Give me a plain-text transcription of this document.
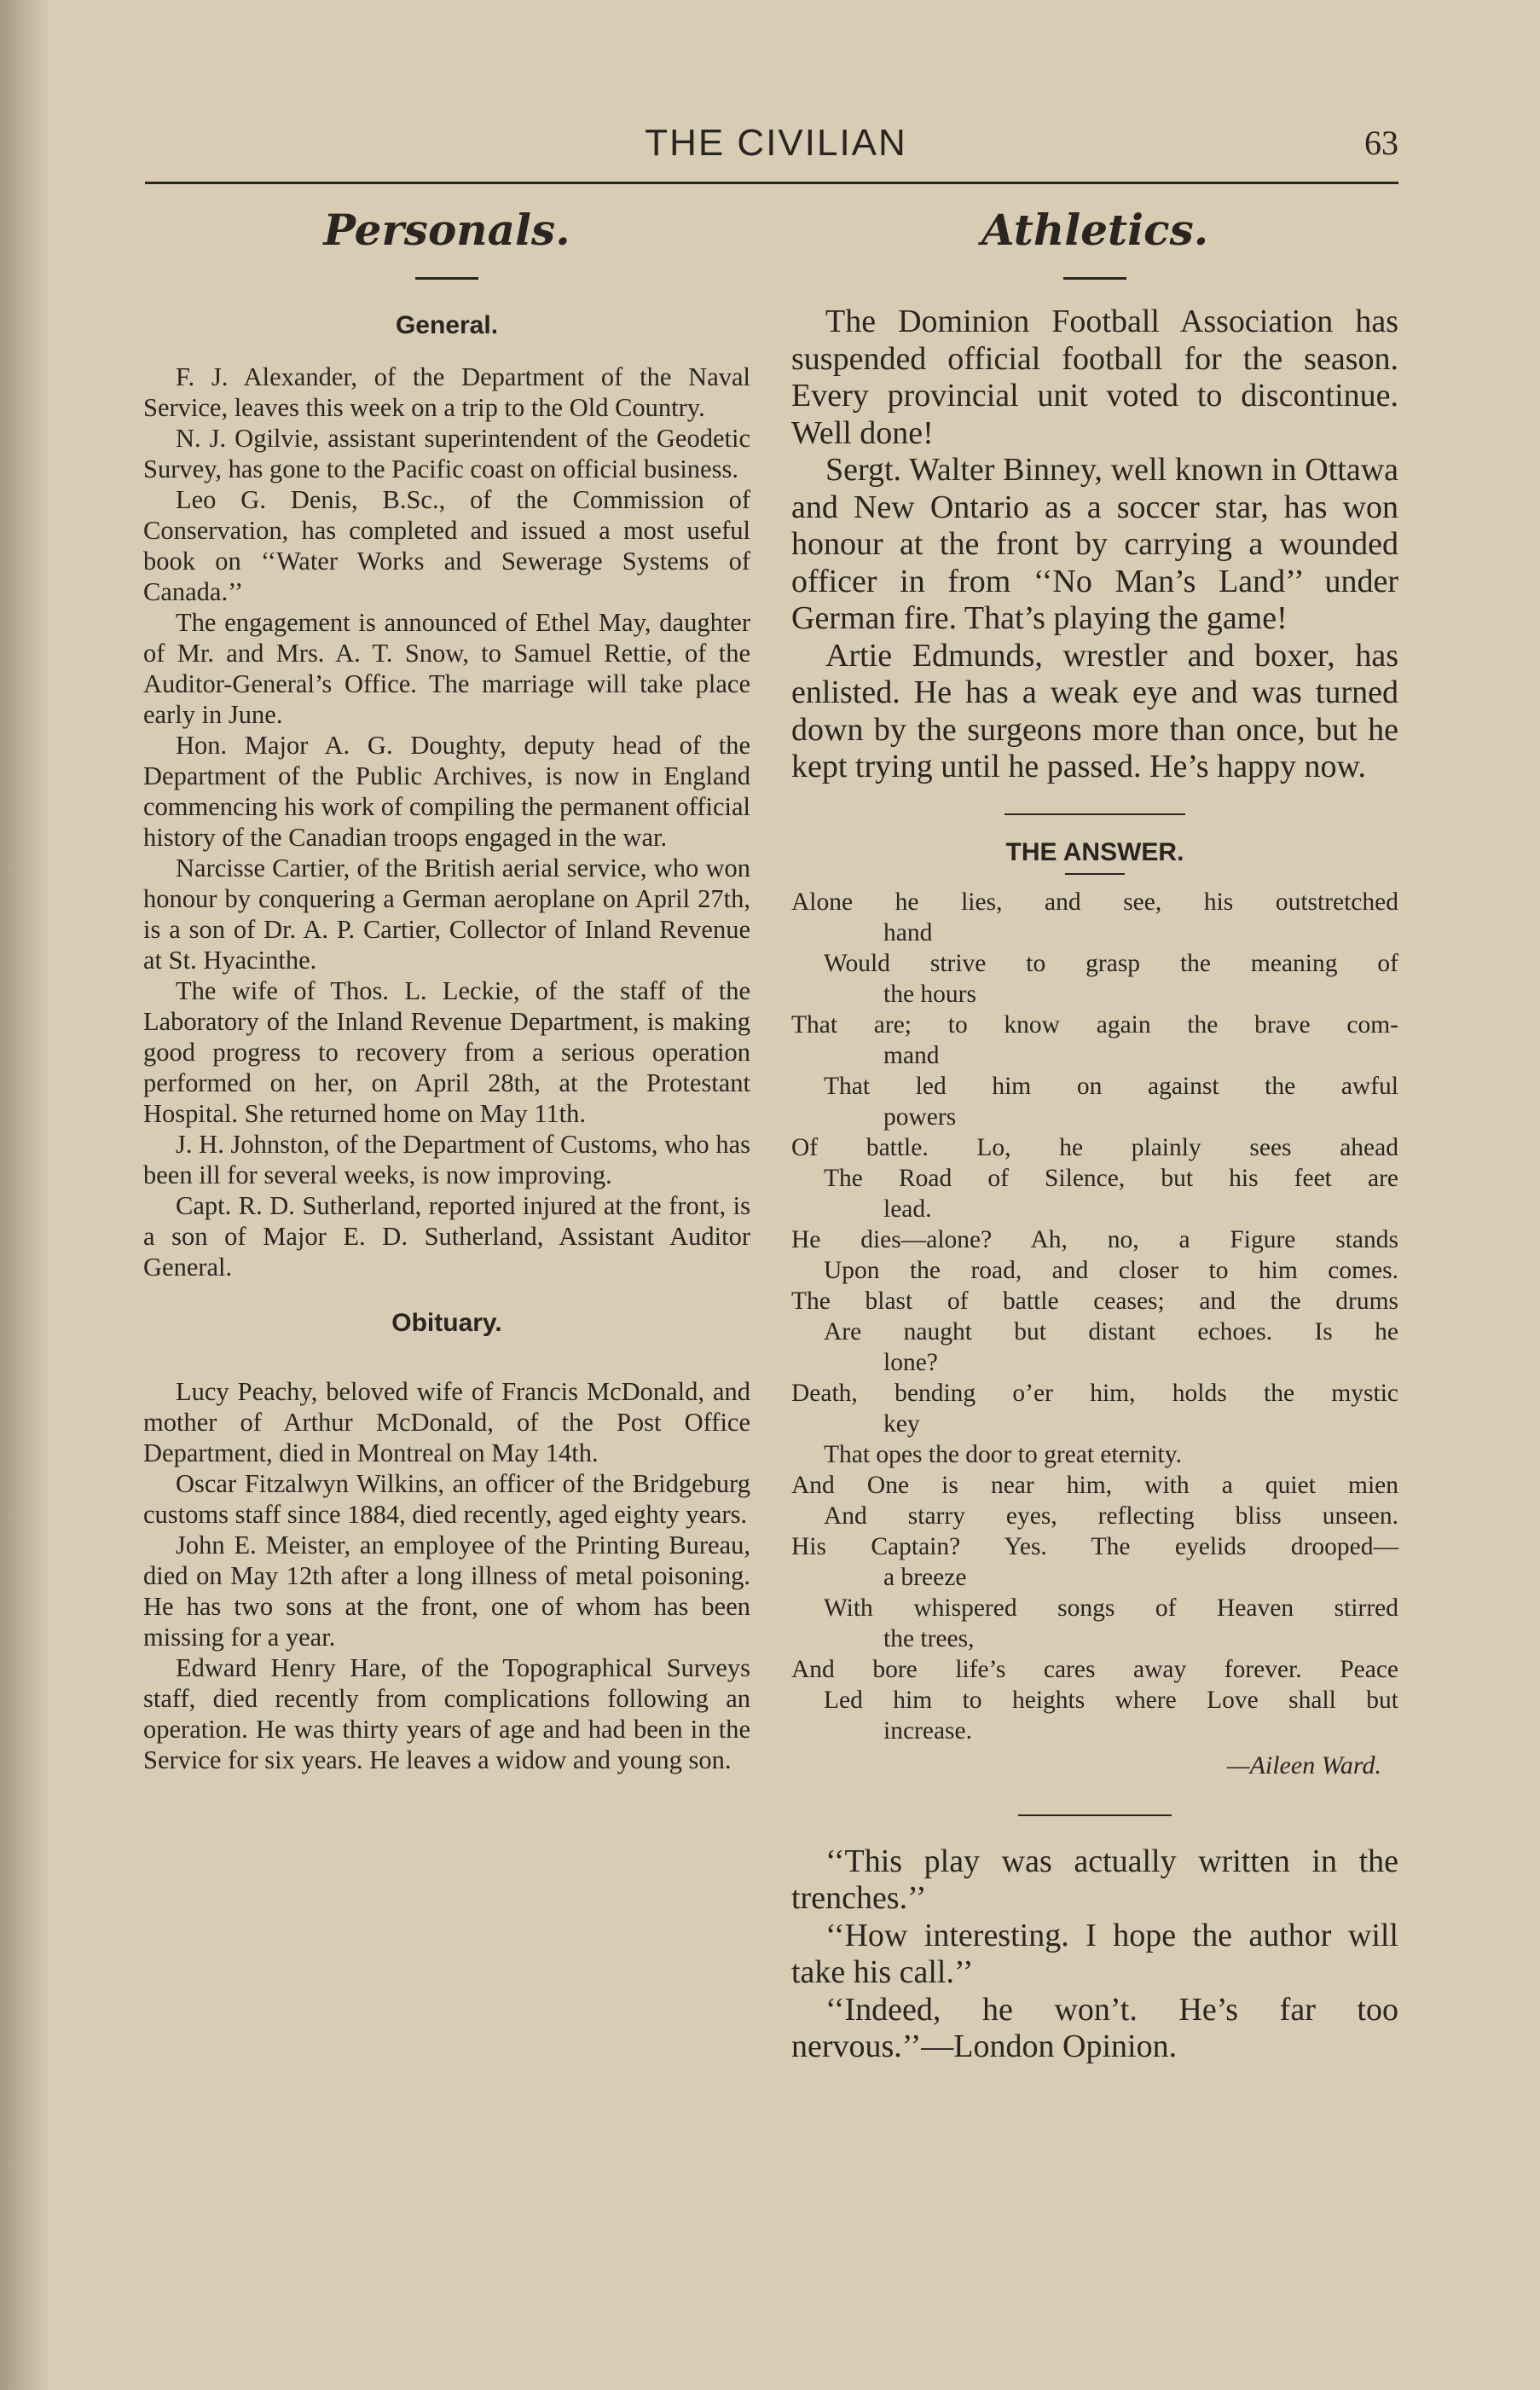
THE CIVILIAN	63
Personals.
General.

F. J. Alexander, of the Department of the Naval Service, leaves this week on a trip to the Old Country.

N. J. Ogilvie, assistant superintendent of the Geodetic Survey, has gone to the Pacific coast on official business.

Leo G. Denis, B.Sc., of the Commission of Conservation, has completed and issued a most useful book on ‘‘Water Works and Sewerage Systems of Canada.’’

The engagement is announced of Ethel May, daughter of Mr. and Mrs. A. T. Snow, to Samuel Rettie, of the Auditor-General’s Office. The marriage will take place early in June.

Hon. Major A. G. Doughty, deputy head of the Department of the Public Archives, is now in England commencing his work of compiling the permanent official history of the Canadian troops engaged in the war.

Narcisse Cartier, of the British aerial service, who won honour by conquering a German aeroplane on April 27th, is a son of Dr. A. P. Cartier, Collector of Inland Revenue at St. Hyacinthe.

The wife of Thos. L. Leckie, of the staff of the Laboratory of the Inland Revenue Department, is making good progress to recovery from a serious operation performed on her, on April 28th, at the Protestant Hospital. She returned home on May 11th.

J. H. Johnston, of the Department of Customs, who has been ill for several weeks, is now improving.

Capt. R. D. Sutherland, reported injured at the front, is a son of Major E. D. Sutherland, Assistant Auditor General.

Obituary.

Lucy Peachy, beloved wife of Francis McDonald, and mother of Arthur McDonald, of the Post Office Department, died in Montreal on May 14th.

Oscar Fitzalwyn Wilkins, an officer of the Bridgeburg customs staff since 1884, died recently, aged eighty years.

John E. Meister, an employee of the Printing Bureau, died on May 12th after a long illness of metal poisoning. He has two sons at the front, one of whom has been missing for a year.

Edward Henry Hare, of the Topographical Surveys staff, died recently from complications following an operation. He was thirty years of age and had been in the Service for six years. He leaves a widow and young son.

Athletics.

The Dominion Football Association has suspended official football for the season. Every provincial unit voted to discontinue. Well done!

Sergt. Walter Binney, well known in Ottawa and New Ontario as a soccer star, has won honour at the front by carrying a wounded officer in from ‘‘No Man’s Land’’ under German fire. That’s playing the game!

Artie Edmunds, wrestler and boxer, has enlisted. He has a weak eye and was turned down by the surgeons more than once, but he kept trying until he passed. He’s happy now.

THE ANSWER.

Alone he lies, and see, his outstretched

hand

Would strive to grasp the meaning of

the hours

That are; to know again the brave com-

mand

That led him on against the awful

powers

Of battle. Lo, he plainly sees ahead

The Road of Silence, but his feet are

lead.

He dies—alone? Ah, no, a Figure stands

Upon the road, and closer to him comes.

The blast of battle ceases; and the drums

Are naught but distant echoes. Is he

lone?

Death, bending o’er him, holds the mystic

key

That opes the door to great eternity.

And One is near him, with a quiet mien

And starry eyes, reflecting bliss unseen.

His Captain? Yes. The eyelids drooped—

a breeze

With whispered songs of Heaven stirred

the trees,

And bore life’s cares away forever. Peace

Led him to heights where Love shall but

increase.

—Aileen Ward.

‘‘This play was actually written in the trenches.’’

‘‘How interesting. I hope the author will take his call.’’

‘‘Indeed, he won’t. He’s far too nervous.’’—London Opinion.
